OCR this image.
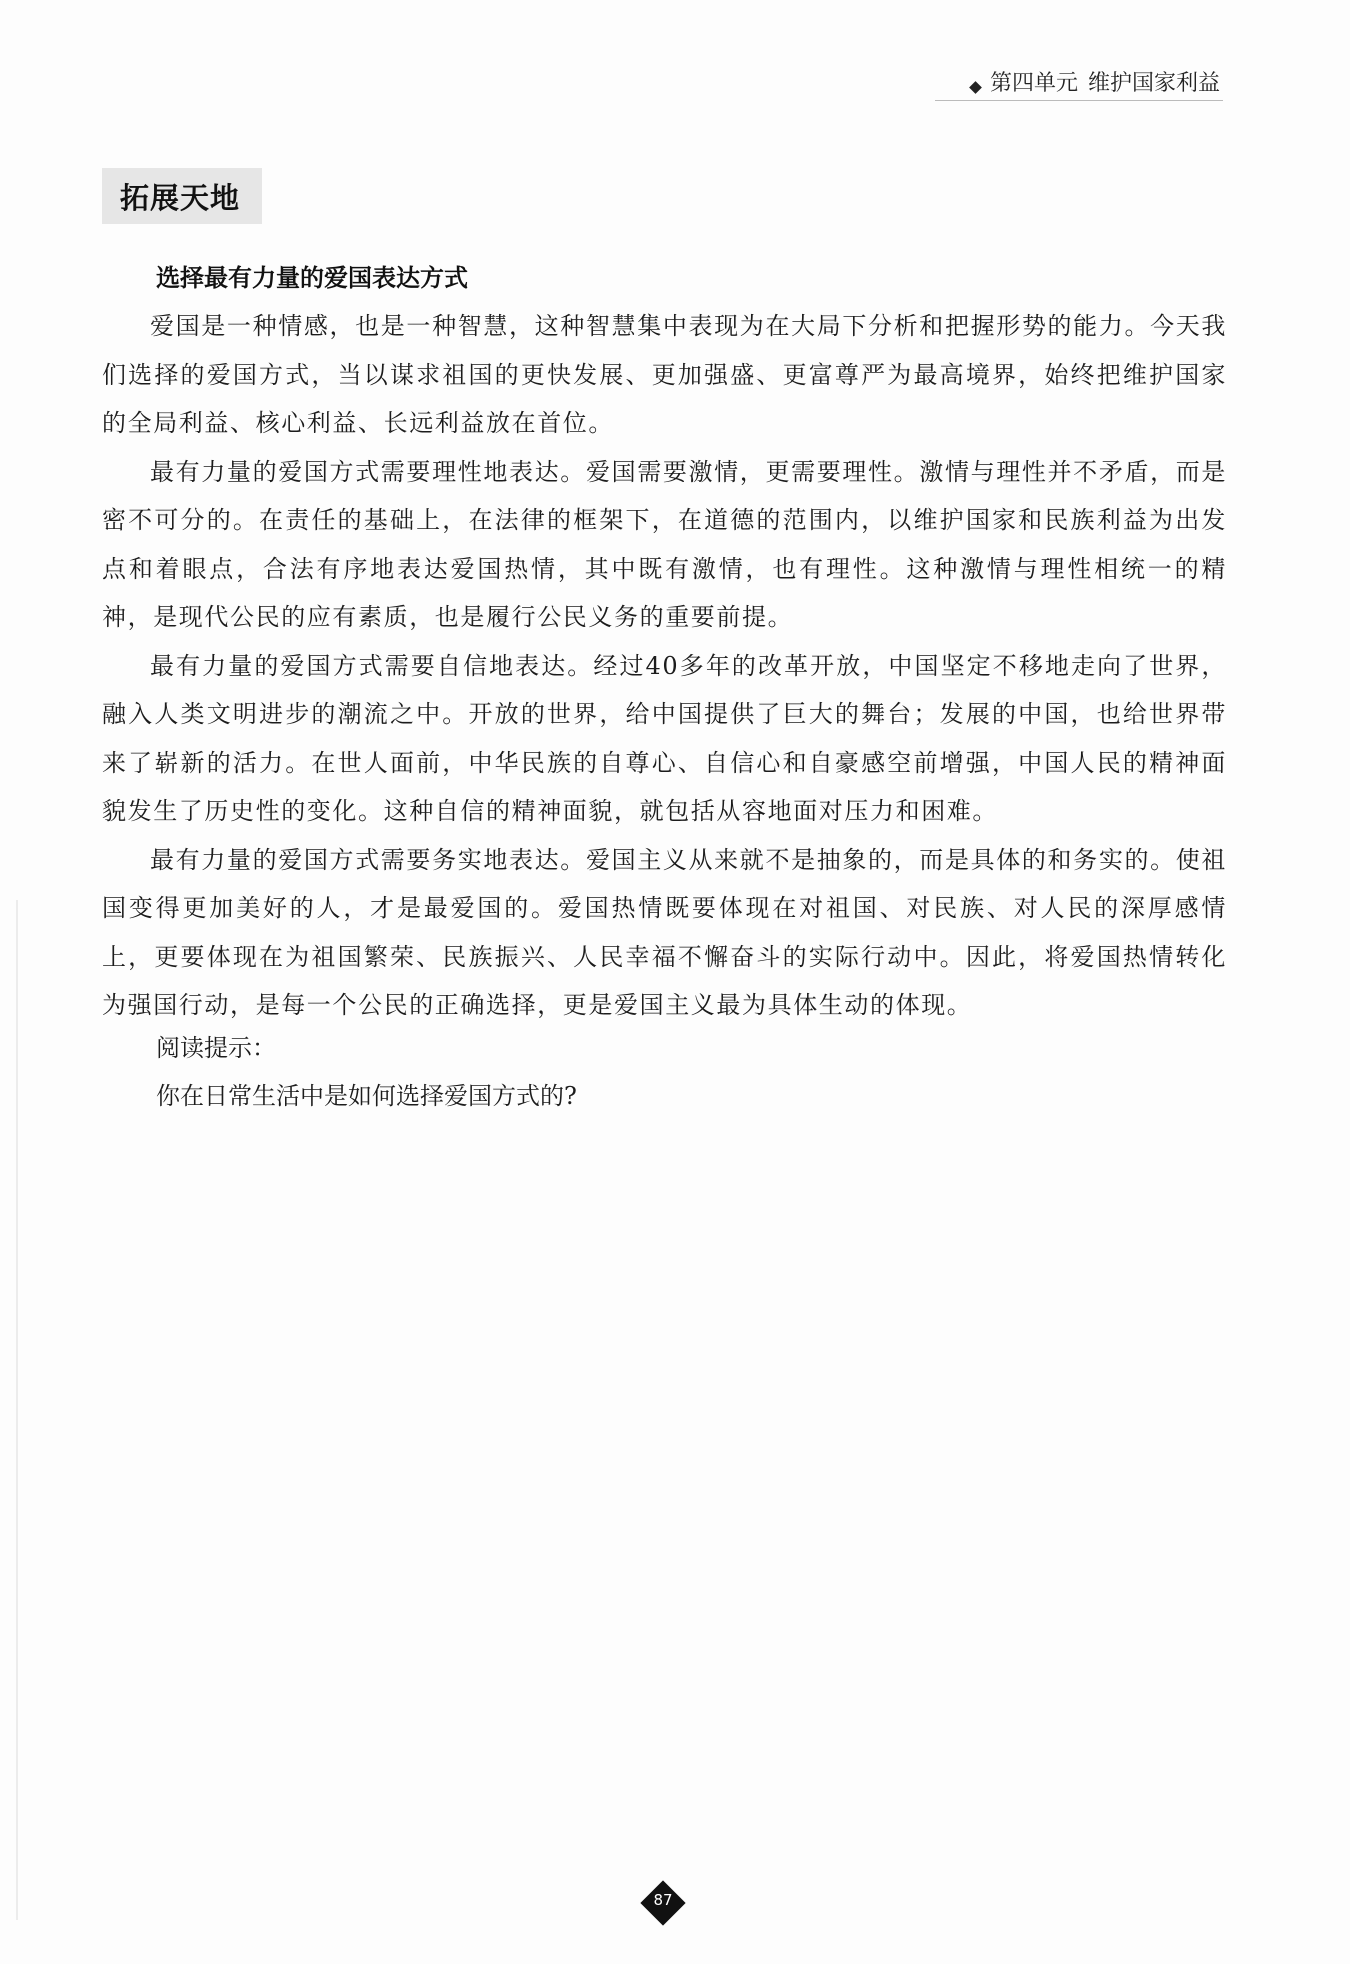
第四单元 维护国家利益
拓展天地
选择最有力量的爱国表达方式

爱国是一种情感，也是一种智慧，这种智慧集中表现为在大局下分析和把握形势的能力。今天我们选择的爱国方式，当以谋求祖国的更快发展、更加强盛、更富尊严为最高境界，始终把维护国家的全局利益、核心利益、长远利益放在首位。

最有力量的爱国方式需要理性地表达。爱国需要激情，更需要理性。激情与理性并不矛盾，而是密不可分的。在责任的基础上，在法律的框架下，在道德的范围内，以维护国家和民族利益为出发点和着眼点，合法有序地表达爱国热情，其中既有激情，也有理性。这种激情与理性相统一的精神，是现代公民的应有素质，也是履行公民义务的重要前提。

最有力量的爱国方式需要自信地表达。经过40多年的改革开放，中国坚定不移地走向了世界，融入人类文明进步的潮流之中。开放的世界，给中国提供了巨大的舞台；发展的中国，也给世界带来了崭新的活力。在世人面前，中华民族的自尊心、自信心和自豪感空前增强，中国人民的精神面貌发生了历史性的变化。这种自信的精神面貌，就包括从容地面对压力和困难。

最有力量的爱国方式需要务实地表达。爱国主义从来就不是抽象的，而是具体的和务实的。使祖国变得更加美好的人，才是最爱国的。爱国热情既要体现在对祖国、对民族、对人民的深厚感情上，更要体现在为祖国繁荣、民族振兴、人民幸福不懈奋斗的实际行动中。因此，将爱国热情转化为强国行动，是每一个公民的正确选择，更是爱国主义最为具体生动的体现。

阅读提示：

你在日常生活中是如何选择爱国方式的?

87
